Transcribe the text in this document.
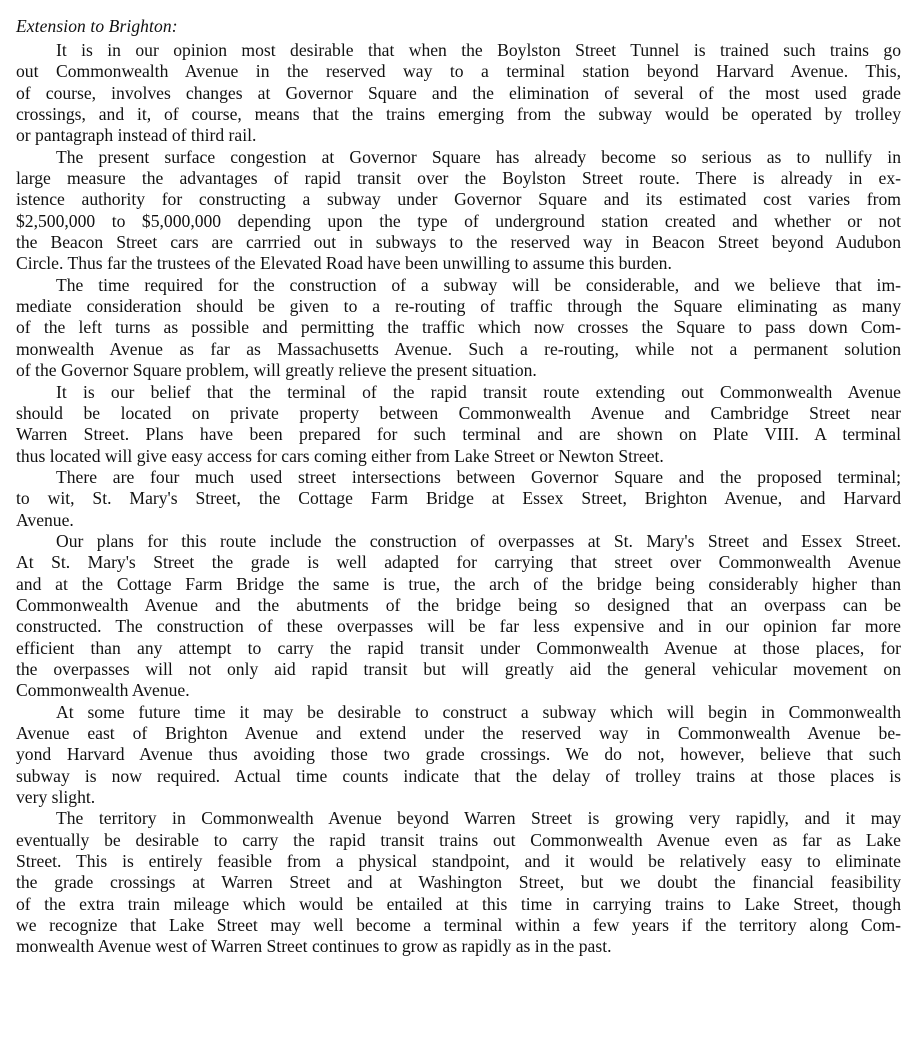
Extension to Brighton:
It is in our opinion most desirable that when the Boylston Street Tunnel is trained such trains go
out Commonwealth Avenue in the reserved way to a terminal station beyond Harvard Avenue. This,
of course, involves changes at Governor Square and the elimination of several of the most used grade
crossings, and it, of course, means that the trains emerging from the subway would be operated by trolley
or pantagraph instead of third rail.
The present surface congestion at Governor Square has already become so serious as to nullify in
large measure the advantages of rapid transit over the Boylston Street route. There is already in ex-
istence authority for constructing a subway under Governor Square and its estimated cost varies from
$2,500,000 to $5,000,000 depending upon the type of underground station created and whether or not
the Beacon Street cars are carrried out in subways to the reserved way in Beacon Street beyond Audubon
Circle. Thus far the trustees of the Elevated Road have been unwilling to assume this burden.
The time required for the construction of a subway will be considerable, and we believe that im-
mediate consideration should be given to a re-routing of traffic through the Square eliminating as many
of the left turns as possible and permitting the traffic which now crosses the Square to pass down Com-
monwealth Avenue as far as Massachusetts Avenue. Such a re-routing, while not a permanent solution
of the Governor Square problem, will greatly relieve the present situation.
It is our belief that the terminal of the rapid transit route extending out Commonwealth Avenue
should be located on private property between Commonwealth Avenue and Cambridge Street near
Warren Street. Plans have been prepared for such terminal and are shown on Plate VIII. A terminal
thus located will give easy access for cars coming either from Lake Street or Newton Street.
There are four much used street intersections between Governor Square and the proposed terminal;
to wit, St. Mary's Street, the Cottage Farm Bridge at Essex Street, Brighton Avenue, and Harvard
Avenue.
Our plans for this route include the construction of overpasses at St. Mary's Street and Essex Street.
At St. Mary's Street the grade is well adapted for carrying that street over Commonwealth Avenue
and at the Cottage Farm Bridge the same is true, the arch of the bridge being considerably higher than
Commonwealth Avenue and the abutments of the bridge being so designed that an overpass can be
constructed. The construction of these overpasses will be far less expensive and in our opinion far more
efficient than any attempt to carry the rapid transit under Commonwealth Avenue at those places, for
the overpasses will not only aid rapid transit but will greatly aid the general vehicular movement on
Commonwealth Avenue.
At some future time it may be desirable to construct a subway which will begin in Commonwealth
Avenue east of Brighton Avenue and extend under the reserved way in Commonwealth Avenue be-
yond Harvard Avenue thus avoiding those two grade crossings. We do not, however, believe that such
subway is now required. Actual time counts indicate that the delay of trolley trains at those places is
very slight.
The territory in Commonwealth Avenue beyond Warren Street is growing very rapidly, and it may
eventually be desirable to carry the rapid transit trains out Commonwealth Avenue even as far as Lake
Street. This is entirely feasible from a physical standpoint, and it would be relatively easy to eliminate
the grade crossings at Warren Street and at Washington Street, but we doubt the financial feasibility
of the extra train mileage which would be entailed at this time in carrying trains to Lake Street, though
we recognize that Lake Street may well become a terminal within a few years if the territory along Com-
monwealth Avenue west of Warren Street continues to grow as rapidly as in the past.
